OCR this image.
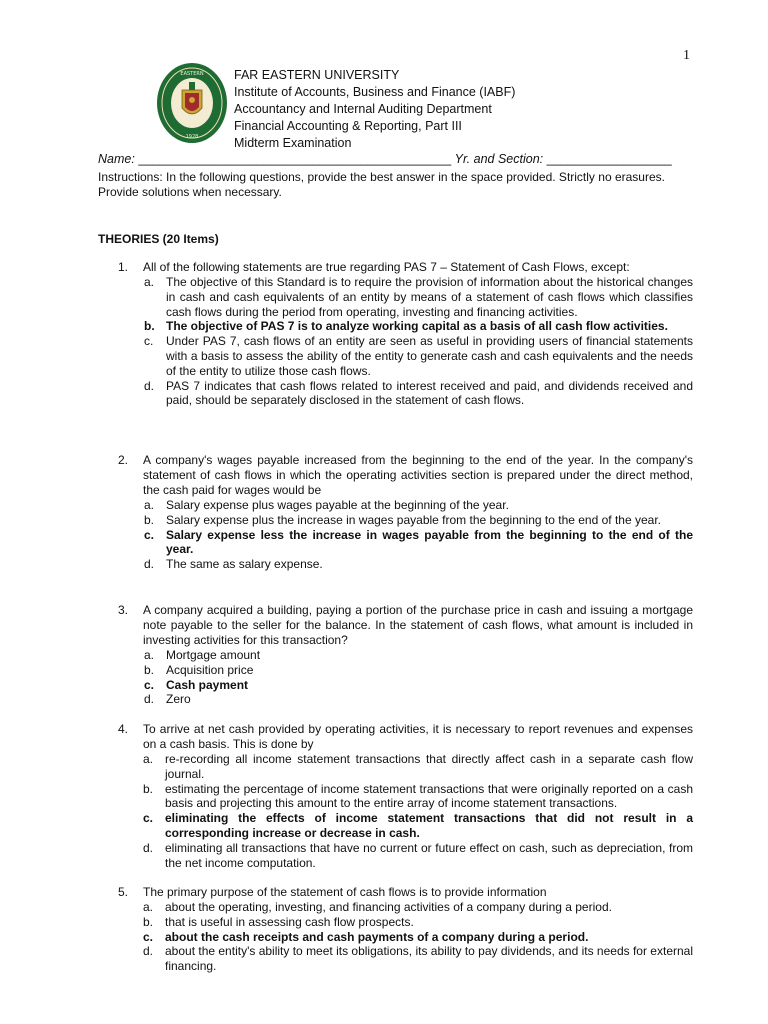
1
EASTERN
1928
FAR EASTERN UNIVERSITY
Institute of Accounts, Business and Finance (IABF)
Accountancy and Internal Auditing Department
Financial Accounting & Reporting, Part III
Midterm Examination
Name: _____________________________________________ Yr. and Section: __________________
Instructions: In the following questions, provide the best answer in the space provided. Strictly no erasures. Provide solutions when necessary.
THEORIES (20 Items)
1.	All of the following statements are true regarding PAS 7 – Statement of Cash Flows, except:
a. The objective of this Standard is to require the provision of information about the historical changes in cash and cash equivalents of an entity by means of a statement of cash flows which classifies cash flows during the period from operating, investing and financing activities.
b. The objective of PAS 7 is to analyze working capital as a basis of all cash flow activities.
c. Under PAS 7, cash flows of an entity are seen as useful in providing users of financial statements with a basis to assess the ability of the entity to generate cash and cash equivalents and the needs of the entity to utilize those cash flows.
d. PAS 7 indicates that cash flows related to interest received and paid, and dividends received and paid, should be separately disclosed in the statement of cash flows.
2.	A company's wages payable increased from the beginning to the end of the year. In the company's statement of cash flows in which the operating activities section is prepared under the direct method, the cash paid for wages would be
a. Salary expense plus wages payable at the beginning of the year.
b. Salary expense plus the increase in wages payable from the beginning to the end of the year.
c. Salary expense less the increase in wages payable from the beginning to the end of the year.
d. The same as salary expense.
3.	A company acquired a building, paying a portion of the purchase price in cash and issuing a mortgage note payable to the seller for the balance. In the statement of cash flows, what amount is included in investing activities for this transaction?
a. Mortgage amount
b. Acquisition price
c. Cash payment
d. Zero
4.	To arrive at net cash provided by operating activities, it is necessary to report revenues and expenses on a cash basis. This is done by
a. re-recording all income statement transactions that directly affect cash in a separate cash flow journal.
b. estimating the percentage of income statement transactions that were originally reported on a cash basis and projecting this amount to the entire array of income statement transactions.
c. eliminating the effects of income statement transactions that did not result in a corresponding increase or decrease in cash.
d. eliminating all transactions that have no current or future effect on cash, such as depreciation, from the net income computation.
5.	The primary purpose of the statement of cash flows is to provide information
a. about the operating, investing, and financing activities of a company during a period.
b. that is useful in assessing cash flow prospects.
c. about the cash receipts and cash payments of a company during a period.
d. about the entity's ability to meet its obligations, its ability to pay dividends, and its needs for external financing.
